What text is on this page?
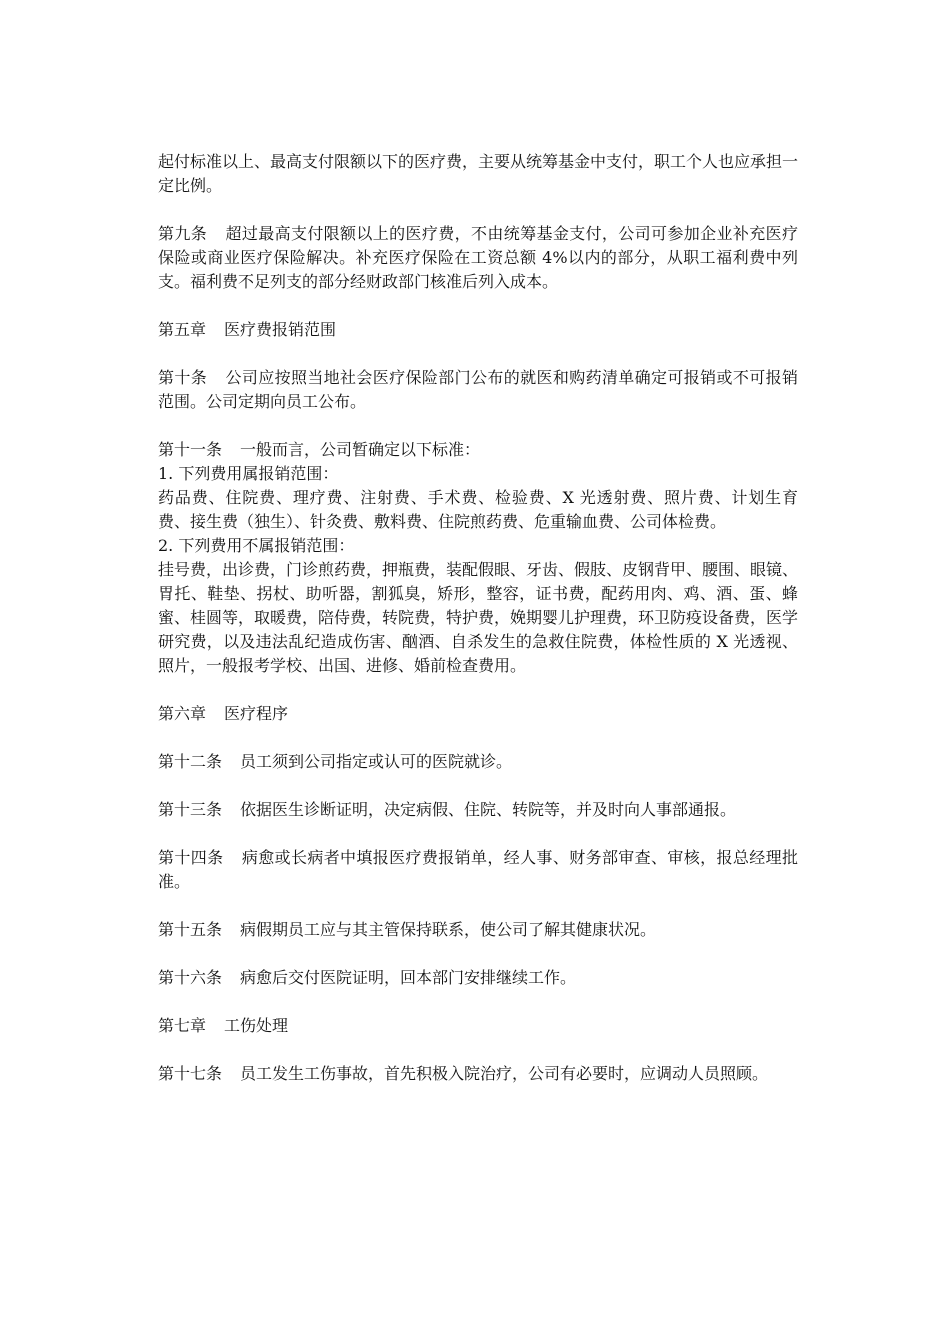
起付标准以上、最高支付限额以下的医疗费，主要从统筹基金中支付，职工个人也应承担一定比例。

第九条 超过最高支付限额以上的医疗费，不由统筹基金支付，公司可参加企业补充医疗保险或商业医疗保险解决。补充医疗保险在工资总额 4%以内的部分，从职工福利费中列支。福利费不足列支的部分经财政部门核准后列入成本。

第五章 医疗费报销范围

第十条 公司应按照当地社会医疗保险部门公布的就医和购药清单确定可报销或不可报销范围。公司定期向员工公布。

第十一条 一般而言，公司暂确定以下标准：

1. 下列费用属报销范围：

药品费、住院费、理疗费、注射费、手术费、检验费、X 光透射费、照片费、计划生育费、接生费（独生）、针灸费、敷料费、住院煎药费、危重输血费、公司体检费。

2. 下列费用不属报销范围：

挂号费，出诊费，门诊煎药费，押瓶费，装配假眼、牙齿、假肢、皮钢背甲、腰围、眼镜、胃托、鞋垫、拐杖、助听器，割狐臭，矫形，整容，证书费，配药用肉、鸡、酒、蛋、蜂蜜、桂圆等，取暖费，陪侍费，转院费，特护费，娩期婴儿护理费，环卫防疫设备费，医学研究费，以及违法乱纪造成伤害、酗酒、自杀发生的急救住院费，体检性质的 X 光透视、照片，一般报考学校、出国、进修、婚前检查费用。

第六章 医疗程序

第十二条 员工须到公司指定或认可的医院就诊。

第十三条 依据医生诊断证明，决定病假、住院、转院等，并及时向人事部通报。

第十四条 病愈或长病者中填报医疗费报销单，经人事、财务部审查、审核，报总经理批准。

第十五条 病假期员工应与其主管保持联系，使公司了解其健康状况。

第十六条 病愈后交付医院证明，回本部门安排继续工作。

第七章 工伤处理

第十七条 员工发生工伤事故，首先积极入院治疗，公司有必要时，应调动人员照顾。
